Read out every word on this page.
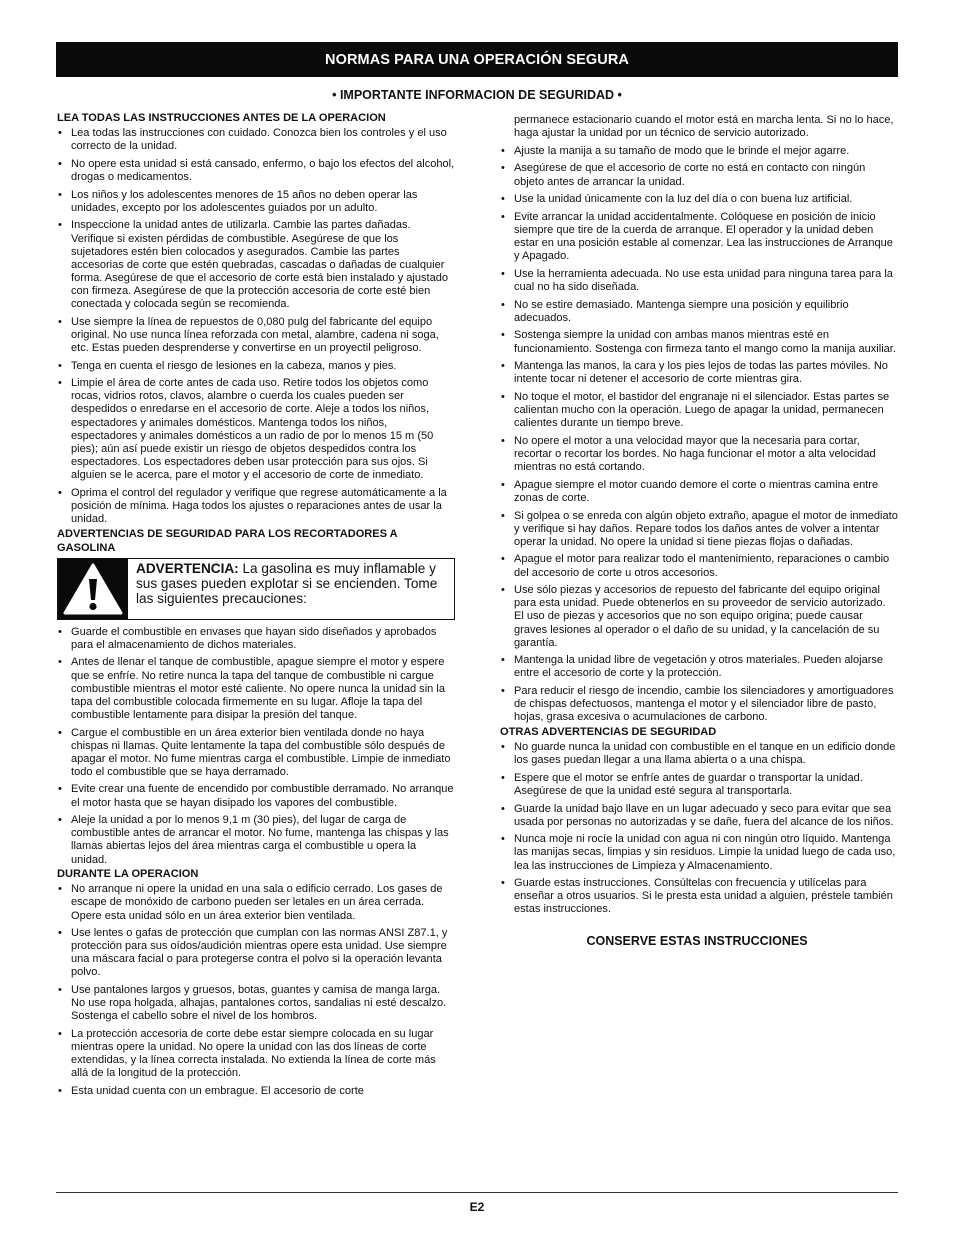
NORMAS PARA UNA OPERACIÓN SEGURA
• IMPORTANTE INFORMACION DE SEGURIDAD •
LEA TODAS LAS INSTRUCCIONES ANTES DE LA OPERACION
• Lea todas las instrucciones con cuidado. Conozca bien los controles y el uso correcto de la unidad.
• No opere esta unidad si está cansado, enfermo, o bajo los efectos del alcohol, drogas o medicamentos.
• Los niños y los adolescentes menores de 15 años no deben operar las unidades, excepto por los adolescentes guiados por un adulto.
• Inspeccione la unidad antes de utilizarla. Cambie las partes dañadas. Verifique si existen pérdidas de combustible. Asegúrese de que los sujetadores estén bien colocados y asegurados. Cambie las partes accesorias de corte que estén quebradas, cascadas o dañadas de cualquier forma. Asegúrese de que el accesorio de corte está bien instalado y ajustado con firmeza. Asegúrese de que la protección accesoria de corte esté bien conectada y colocada según se recomienda.
• Use siempre la línea de repuestos de 0,080 pulg del fabricante del equipo original. No use nunca línea reforzada con metal, alambre, cadena ni soga, etc. Estas pueden desprenderse y convertirse en un proyectil peligroso.
• Tenga en cuenta el riesgo de lesiones en la cabeza, manos y pies.
• Limpie el área de corte antes de cada uso. Retire todos los objetos como rocas, vidrios rotos, clavos, alambre o cuerda los cuales pueden ser despedidos o enredarse en el accesorio de corte. Aleje a todos los niños, espectadores y animales domésticos. Mantenga todos los niños, espectadores y animales domésticos a un radio de por lo menos 15 m (50 pies); aún así puede existir un riesgo de objetos despedidos contra los espectadores. Los espectadores deben usar protección para sus ojos. Si alguien se le acerca, pare el motor y el accesorio de corte de inmediato.
• Oprima el control del regulador y verifique que regrese automáticamente a la posición de mínima. Haga todos los ajustes o reparaciones antes de usar la unidad.
ADVERTENCIAS DE SEGURIDAD PARA LOS RECORTADORES A GASOLINA
ADVERTENCIA: La gasolina es muy inflamable y sus gases pueden explotar si se encienden. Tome las siguientes precauciones:
• Guarde el combustible en envases que hayan sido diseñados y aprobados para el almacenamiento de dichos materiales.
• Antes de llenar el tanque de combustible, apague siempre el motor y espere que se enfríe. No retire nunca la tapa del tanque de combustible ni cargue combustible mientras el motor esté caliente. No opere nunca la unidad sin la tapa del combustible colocada firmemente en su lugar. Afloje la tapa del combustible lentamente para disipar la presión del tanque.
• Cargue el combustible en un área exterior bien ventilada donde no haya chispas ni llamas. Quite lentamente la tapa del combustible sólo después de apagar el motor. No fume mientras carga el combustible. Limpie de inmediato todo el combustible que se haya derramado.
• Evite crear una fuente de encendido por combustible derramado. No arranque el motor hasta que se hayan disipado los vapores del combustible.
• Aleje la unidad a por lo menos 9,1 m (30 pies), del lugar de carga de combustible antes de arrancar el motor. No fume, mantenga las chispas y las llamas abiertas lejos del área mientras carga el combustible u opera la unidad.
DURANTE LA OPERACION
• No arranque ni opere la unidad en una sala o edificio cerrado. Los gases de escape de monóxido de carbono pueden ser letales en un área cerrada. Opere esta unidad sólo en un área exterior bien ventilada.
• Use lentes o gafas de protección que cumplan con las normas ANSI Z87.1, y protección para sus oídos/audición mientras opere esta unidad. Use siempre una máscara facial o para protegerse contra el polvo si la operación levanta polvo.
• Use pantalones largos y gruesos, botas, guantes y camisa de manga larga. No use ropa holgada, alhajas, pantalones cortos, sandalias ni esté descalzo. Sostenga el cabello sobre el nivel de los hombros.
• La protección accesoria de corte debe estar siempre colocada en su lugar mientras opere la unidad. No opere la unidad con las dos líneas de corte extendidas, y la línea correcta instalada. No extienda la línea de corte más allá de la longitud de la protección.
• Esta unidad cuenta con un embrague. El accesorio de corte
permanece estacionario cuando el motor está en marcha lenta. Si no lo hace, haga ajustar la unidad por un técnico de servicio autorizado.
• Ajuste la manija a su tamaño de modo que le brinde el mejor agarre.
• Asegúrese de que el accesorio de corte no está en contacto con ningún objeto antes de arrancar la unidad.
• Use la unidad únicamente con la luz del día o con buena luz artificial.
• Evite arrancar la unidad accidentalmente. Colóquese en posición de inicio siempre que tire de la cuerda de arranque. El operador y la unidad deben estar en una posición estable al comenzar. Lea las instrucciones de Arranque y Apagado.
• Use la herramienta adecuada. No use esta unidad para ninguna tarea para la cual no ha sido diseñada.
• No se estire demasiado. Mantenga siempre una posición y equilibrio adecuados.
• Sostenga siempre la unidad con ambas manos mientras esté en funcionamiento. Sostenga con firmeza tanto el mango como la manija auxiliar.
• Mantenga las manos, la cara y los pies lejos de todas las partes móviles. No intente tocar ni detener el accesorio de corte mientras gira.
• No toque el motor, el bastidor del engranaje ni el silenciador. Estas partes se calientan mucho con la operación. Luego de apagar la unidad, permanecen calientes durante un tiempo breve.
• No opere el motor a una velocidad mayor que la necesaria para cortar, recortar o recortar los bordes. No haga funcionar el motor a alta velocidad mientras no está cortando.
• Apague siempre el motor cuando demore el corte o mientras camina entre zonas de corte.
• Si golpea o se enreda con algún objeto extraño, apague el motor de inmediato y verifique si hay daños. Repare todos los daños antes de volver a intentar operar la unidad. No opere la unidad si tiene piezas flojas o dañadas.
• Apague el motor para realizar todo el mantenimiento, reparaciones o cambio del accesorio de corte u otros accesorios.
• Use sólo piezas y accesorios de repuesto del fabricante del equipo original para esta unidad. Puede obtenerlos en su proveedor de servicio autorizado. El uso de piezas y accesorios que no son equipo origina; puede causar graves lesiones al operador o el daño de su unidad, y la cancelación de su garantía.
• Mantenga la unidad libre de vegetación y otros materiales. Pueden alojarse entre el accesorio de corte y la protección.
• Para reducir el riesgo de incendio, cambie los silenciadores y amortiguadores de chispas defectuosos, mantenga el motor y el silenciador libre de pasto, hojas, grasa excesiva o acumulaciones de carbono.
OTRAS ADVERTENCIAS DE SEGURIDAD
• No guarde nunca la unidad con combustible en el tanque en un edificio donde los gases puedan llegar a una llama abierta o a una chispa.
• Espere que el motor se enfríe antes de guardar o transportar la unidad. Asegúrese de que la unidad esté segura al transportarla.
• Guarde la unidad bajo llave en un lugar adecuado y seco para evitar que sea usada por personas no autorizadas y se dañe, fuera del alcance de los niños.
• Nunca moje ni rocíe la unidad con agua ni con ningún otro líquido. Mantenga las manijas secas, limpias y sin residuos. Limpie la unidad luego de cada uso, lea las instrucciones de Limpieza y Almacenamiento.
• Guarde estas instrucciones. Consúltelas con frecuencia y utilícelas para enseñar a otros usuarios. Si le presta esta unidad a alguien, préstele también estas instrucciones.
CONSERVE ESTAS INSTRUCCIONES
E2
